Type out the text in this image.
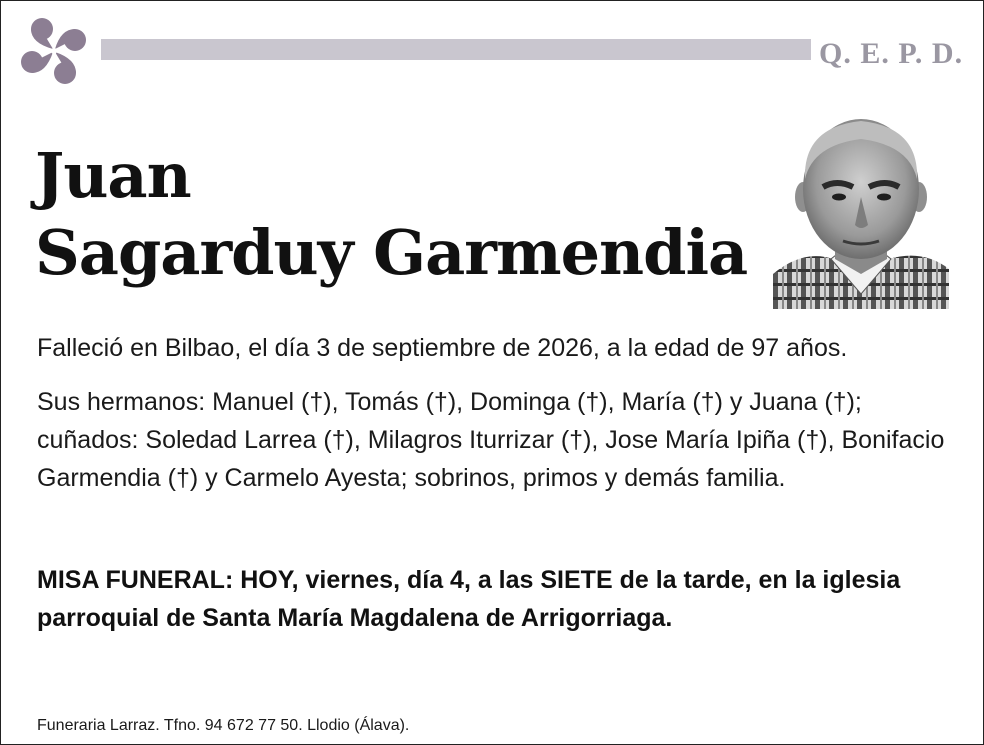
Q. E. P. D.
Juan
Sagarduy Garmendia
Falleció en Bilbao, el día 3 de septiembre de 2026, a la edad de 97 años.
Sus hermanos: Manuel (†), Tomás (†), Dominga (†), María (†) y Juana (†); cuñados: Soledad Larrea (†), Milagros Iturrizar (†), Jose María Ipiña (†), Bonifacio Garmendia (†) y Carmelo Ayesta; sobrinos, primos y demás familia.
MISA FUNERAL: HOY, viernes, día 4, a las SIETE de la tarde, en la iglesia parroquial de Santa María Magdalena de Arrigorriaga.
Funeraria Larraz. Tfno. 94 672 77 50. Llodio (Álava).
